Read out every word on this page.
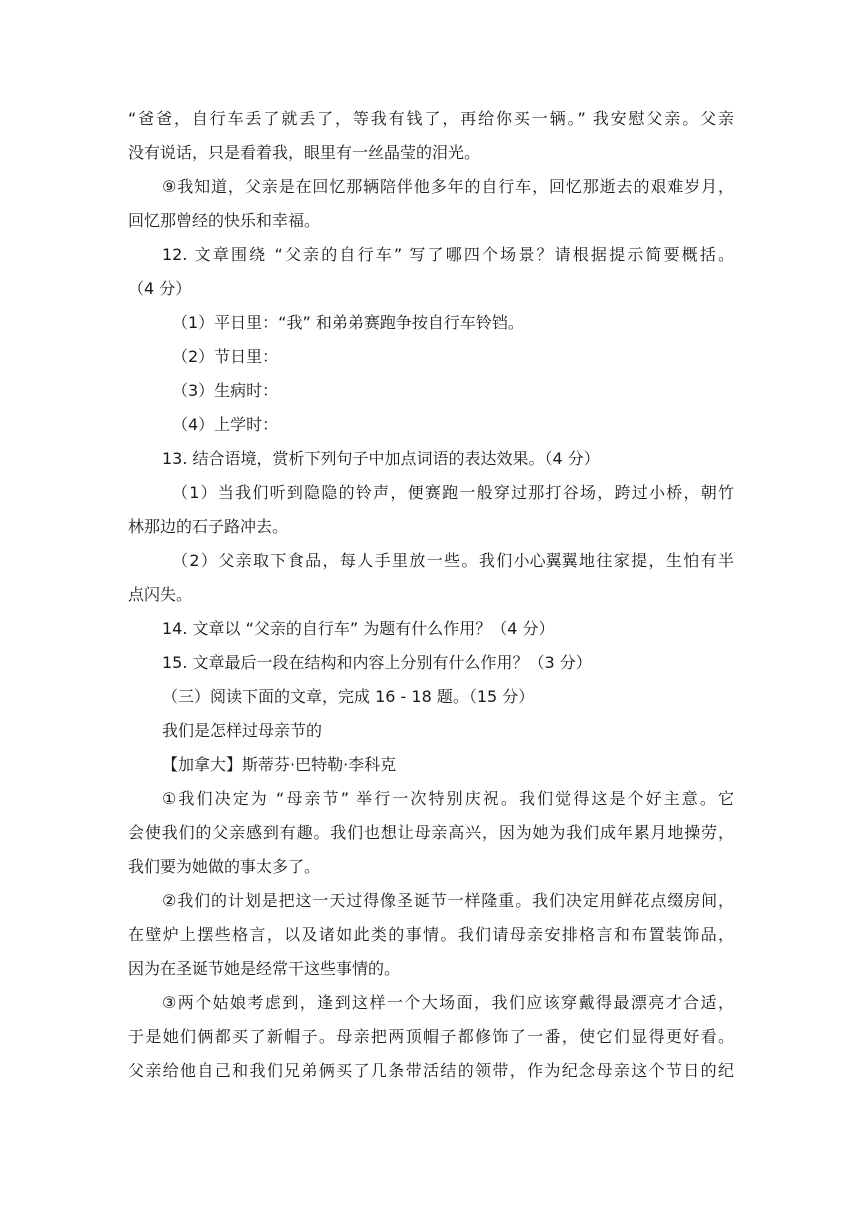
“爸爸，自行车丢了就丢了，等我有钱了，再给你买一辆。” 我安慰父亲。父亲
没有说话，只是看着我，眼里有一丝晶莹的泪光。
⑨我知道，父亲是在回忆那辆陪伴他多年的自行车，回忆那逝去的艰难岁月，
回忆那曾经的快乐和幸福。
12. 文章围绕 “父亲的自行车” 写了哪四个场景？请根据提示简要概括。
（4 分）
（1）平日里：“我” 和弟弟赛跑争按自行车铃铛。
（2）节日里：
（3）生病时：
（4）上学时：
13. 结合语境，赏析下列句子中加点词语的表达效果。（4 分）
（1）当我们听到隐隐的铃声，便赛跑一般穿过那打谷场，跨过小桥，朝竹
林那边的石子路冲去。
（2）父亲取下食品，每人手里放一些。我们小心翼翼地往家提，生怕有半
点闪失。
14. 文章以 “父亲的自行车” 为题有什么作用？（4 分）
15. 文章最后一段在结构和内容上分别有什么作用？（3 分）
（三）阅读下面的文章，完成 16 - 18 题。（15 分）
我们是怎样过母亲节的
【加拿大】斯蒂芬·巴特勒·李科克
①我们决定为 “母亲节” 举行一次特别庆祝。我们觉得这是个好主意。它
会使我们的父亲感到有趣。我们也想让母亲高兴，因为她为我们成年累月地操劳，
我们要为她做的事太多了。
②我们的计划是把这一天过得像圣诞节一样隆重。我们决定用鲜花点缀房间，
在壁炉上摆些格言，以及诸如此类的事情。我们请母亲安排格言和布置装饰品，
因为在圣诞节她是经常干这些事情的。
③两个姑娘考虑到，逢到这样一个大场面，我们应该穿戴得最漂亮才合适，
于是她们俩都买了新帽子。母亲把两顶帽子都修饰了一番，使它们显得更好看。
父亲给他自己和我们兄弟俩买了几条带活结的领带，作为纪念母亲这个节日的纪
